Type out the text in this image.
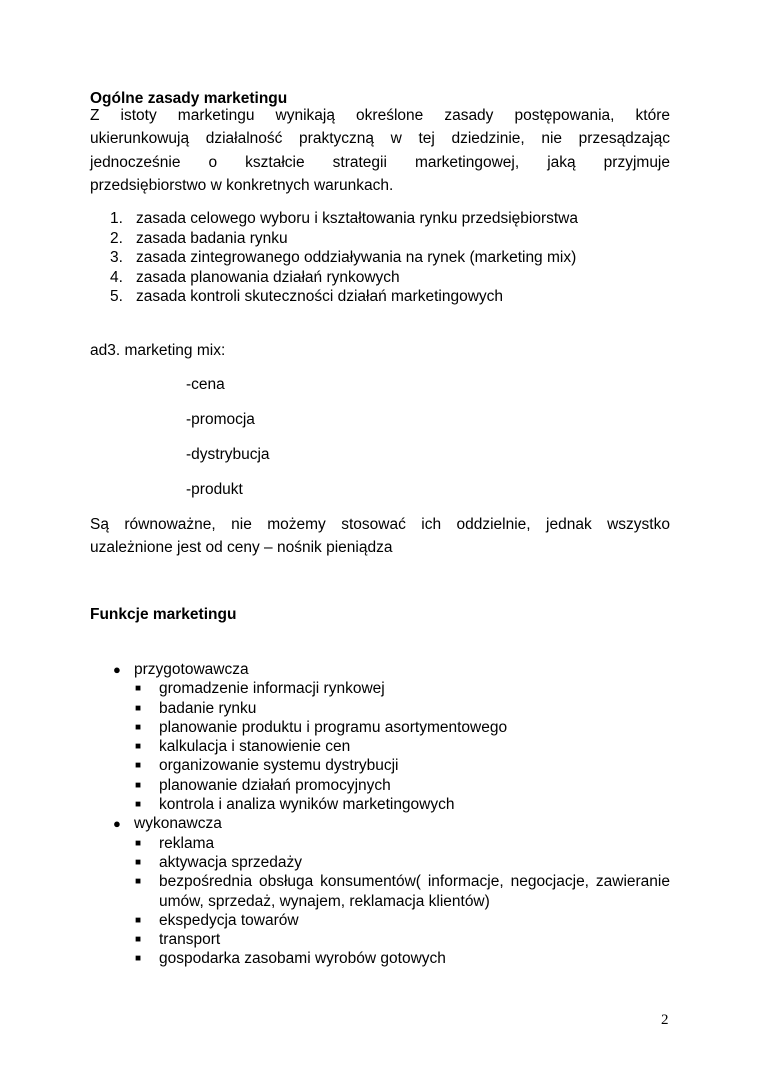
Ogólne zasady marketingu
Z istoty marketingu wynikają określone zasady postępowania, które
ukierunkowują działalność praktyczną w tej dziedzinie, nie przesądzając
jednocześnie o kształcie strategii marketingowej, jaką przyjmuje
przedsiębiorstwo w konkretnych warunkach.
1. zasada celowego wyboru i kształtowania rynku przedsiębiorstwa
2. zasada badania rynku
3. zasada zintegrowanego oddziaływania na rynek (marketing mix)
4. zasada planowania działań rynkowych
5. zasada kontroli skuteczności działań marketingowych
ad3. marketing mix:
-cena
-promocja
-dystrybucja
-produkt
Są równoważne, nie możemy stosować ich oddzielnie, jednak wszystko
uzależnione jest od ceny – nośnik pieniądza
Funkcje marketingu
● przygotowawcza
■	gromadzenie informacji rynkowej
■	badanie rynku
■	planowanie produktu i programu asortymentowego
■	kalkulacja i stanowienie cen
■	organizowanie systemu dystrybucji
■	planowanie działań promocyjnych
■	kontrola i analiza wyników marketingowych
● wykonawcza
■	reklama
■	aktywacja sprzedaży
■	bezpośrednia obsługa konsumentów( informacje, negocjacje, zawieranie umów, sprzedaż, wynajem, reklamacja klientów)
■	ekspedycja towarów
■	transport
■	gospodarka zasobami wyrobów gotowych
2
